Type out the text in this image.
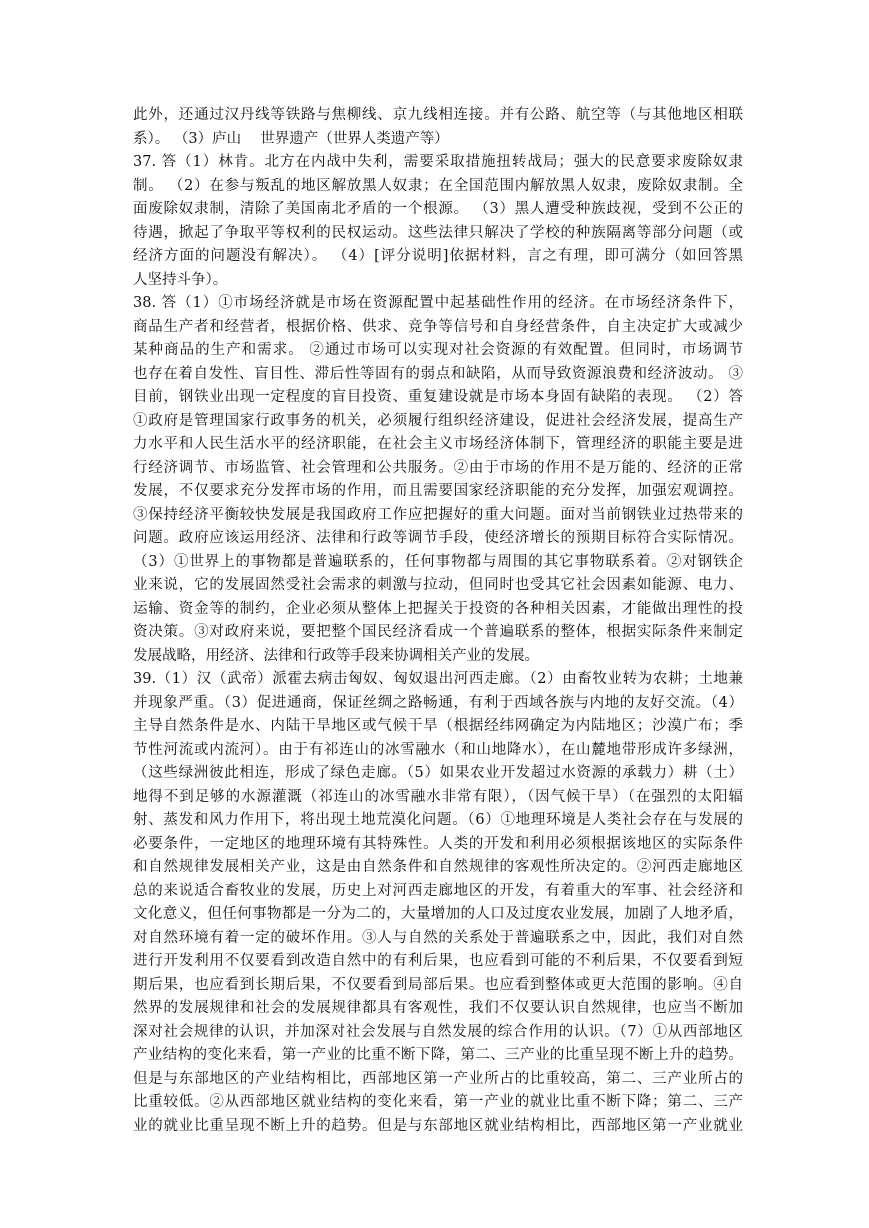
此外，还通过汉丹线等铁路与焦柳线、京九线相连接。并有公路、航空等（与其他地区相联
系）。 （3）庐山　 世界遗产（世界人类遗产等）
37. 答（1）林肯。北方在内战中失利，需要采取措施扭转战局；强大的民意要求废除奴隶
制。 （2）在参与叛乱的地区解放黑人奴隶；在全国范围内解放黑人奴隶，废除奴隶制。全
面废除奴隶制，清除了美国南北矛盾的一个根源。 （3）黑人遭受种族歧视，受到不公正的
待遇，掀起了争取平等权利的民权运动。这些法律只解决了学校的种族隔离等部分问题（或
经济方面的问题没有解决）。 （4）[评分说明]依据材料，言之有理，即可满分（如回答黑
人坚持斗争）。
38. 答（1）①市场经济就是市场在资源配置中起基础性作用的经济。在市场经济条件下，
商品生产者和经营者，根据价格、供求、竞争等信号和自身经营条件，自主决定扩大或减少
某种商品的生产和需求。 ②通过市场可以实现对社会资源的有效配置。但同时，市场调节
也存在着自发性、盲目性、滞后性等固有的弱点和缺陷，从而导致资源浪费和经济波动。 ③
目前，钢铁业出现一定程度的盲目投资、重复建设就是市场本身固有缺陷的表现。 （2）答
①政府是管理国家行政事务的机关，必须履行组织经济建设，促进社会经济发展，提高生产
力水平和人民生活水平的经济职能，在社会主义市场经济体制下，管理经济的职能主要是进
行经济调节、市场监管、社会管理和公共服务。②由于市场的作用不是万能的、经济的正常
发展，不仅要求充分发挥市场的作用，而且需要国家经济职能的充分发挥，加强宏观调控。
③保持经济平衡较快发展是我国政府工作应把握好的重大问题。面对当前钢铁业过热带来的
问题。政府应该运用经济、法律和行政等调节手段，使经济增长的预期目标符合实际情况。
（3）①世界上的事物都是普遍联系的，任何事物都与周围的其它事物联系着。②对钢铁企
业来说，它的发展固然受社会需求的刺激与拉动，但同时也受其它社会因素如能源、电力、
运输、资金等的制约，企业必须从整体上把握关于投资的各种相关因素，才能做出理性的投
资决策。③对政府来说，要把整个国民经济看成一个普遍联系的整体，根据实际条件来制定
发展战略，用经济、法律和行政等手段来协调相关产业的发展。
39.（1）汉（武帝）派霍去病击匈奴、匈奴退出河西走廊。（2）由畜牧业转为农耕；土地兼
并现象严重。（3）促进通商，保证丝绸之路畅通，有利于西域各族与内地的友好交流。（4）
主导自然条件是水、内陆干旱地区或气候干旱（根据经纬网确定为内陆地区；沙漠广布；季
节性河流或内流河）。由于有祁连山的冰雪融水（和山地降水），在山麓地带形成许多绿洲，
（这些绿洲彼此相连，形成了绿色走廊。（5）如果农业开发超过水资源的承载力）耕（土）
地得不到足够的水源灌溉（祁连山的冰雪融水非常有限），（因气候干旱）（在强烈的太阳辐
射、蒸发和风力作用下，将出现土地荒漠化问题。（6）①地理环境是人类社会存在与发展的
必要条件，一定地区的地理环境有其特殊性。人类的开发和利用必须根据该地区的实际条件
和自然规律发展相关产业，这是由自然条件和自然规律的客观性所决定的。②河西走廊地区
总的来说适合畜牧业的发展，历史上对河西走廊地区的开发，有着重大的军事、社会经济和
文化意义，但任何事物都是一分为二的，大量增加的人口及过度农业发展，加剧了人地矛盾，
对自然环境有着一定的破坏作用。③人与自然的关系处于普遍联系之中，因此，我们对自然
进行开发利用不仅要看到改造自然中的有利后果，也应看到可能的不利后果，不仅要看到短
期后果，也应看到长期后果，不仅要看到局部后果。也应看到整体或更大范围的影响。④自
然界的发展规律和社会的发展规律都具有客观性，我们不仅要认识自然规律，也应当不断加
深对社会规律的认识，并加深对社会发展与自然发展的综合作用的认识。（7）①从西部地区
产业结构的变化来看，第一产业的比重不断下降，第二、三产业的比重呈现不断上升的趋势。
但是与东部地区的产业结构相比，西部地区第一产业所占的比重较高，第二、三产业所占的
比重较低。②从西部地区就业结构的变化来看，第一产业的就业比重不断下降；第二、三产
业的就业比重呈现不断上升的趋势。但是与东部地区就业结构相比，西部地区第一产业就业
